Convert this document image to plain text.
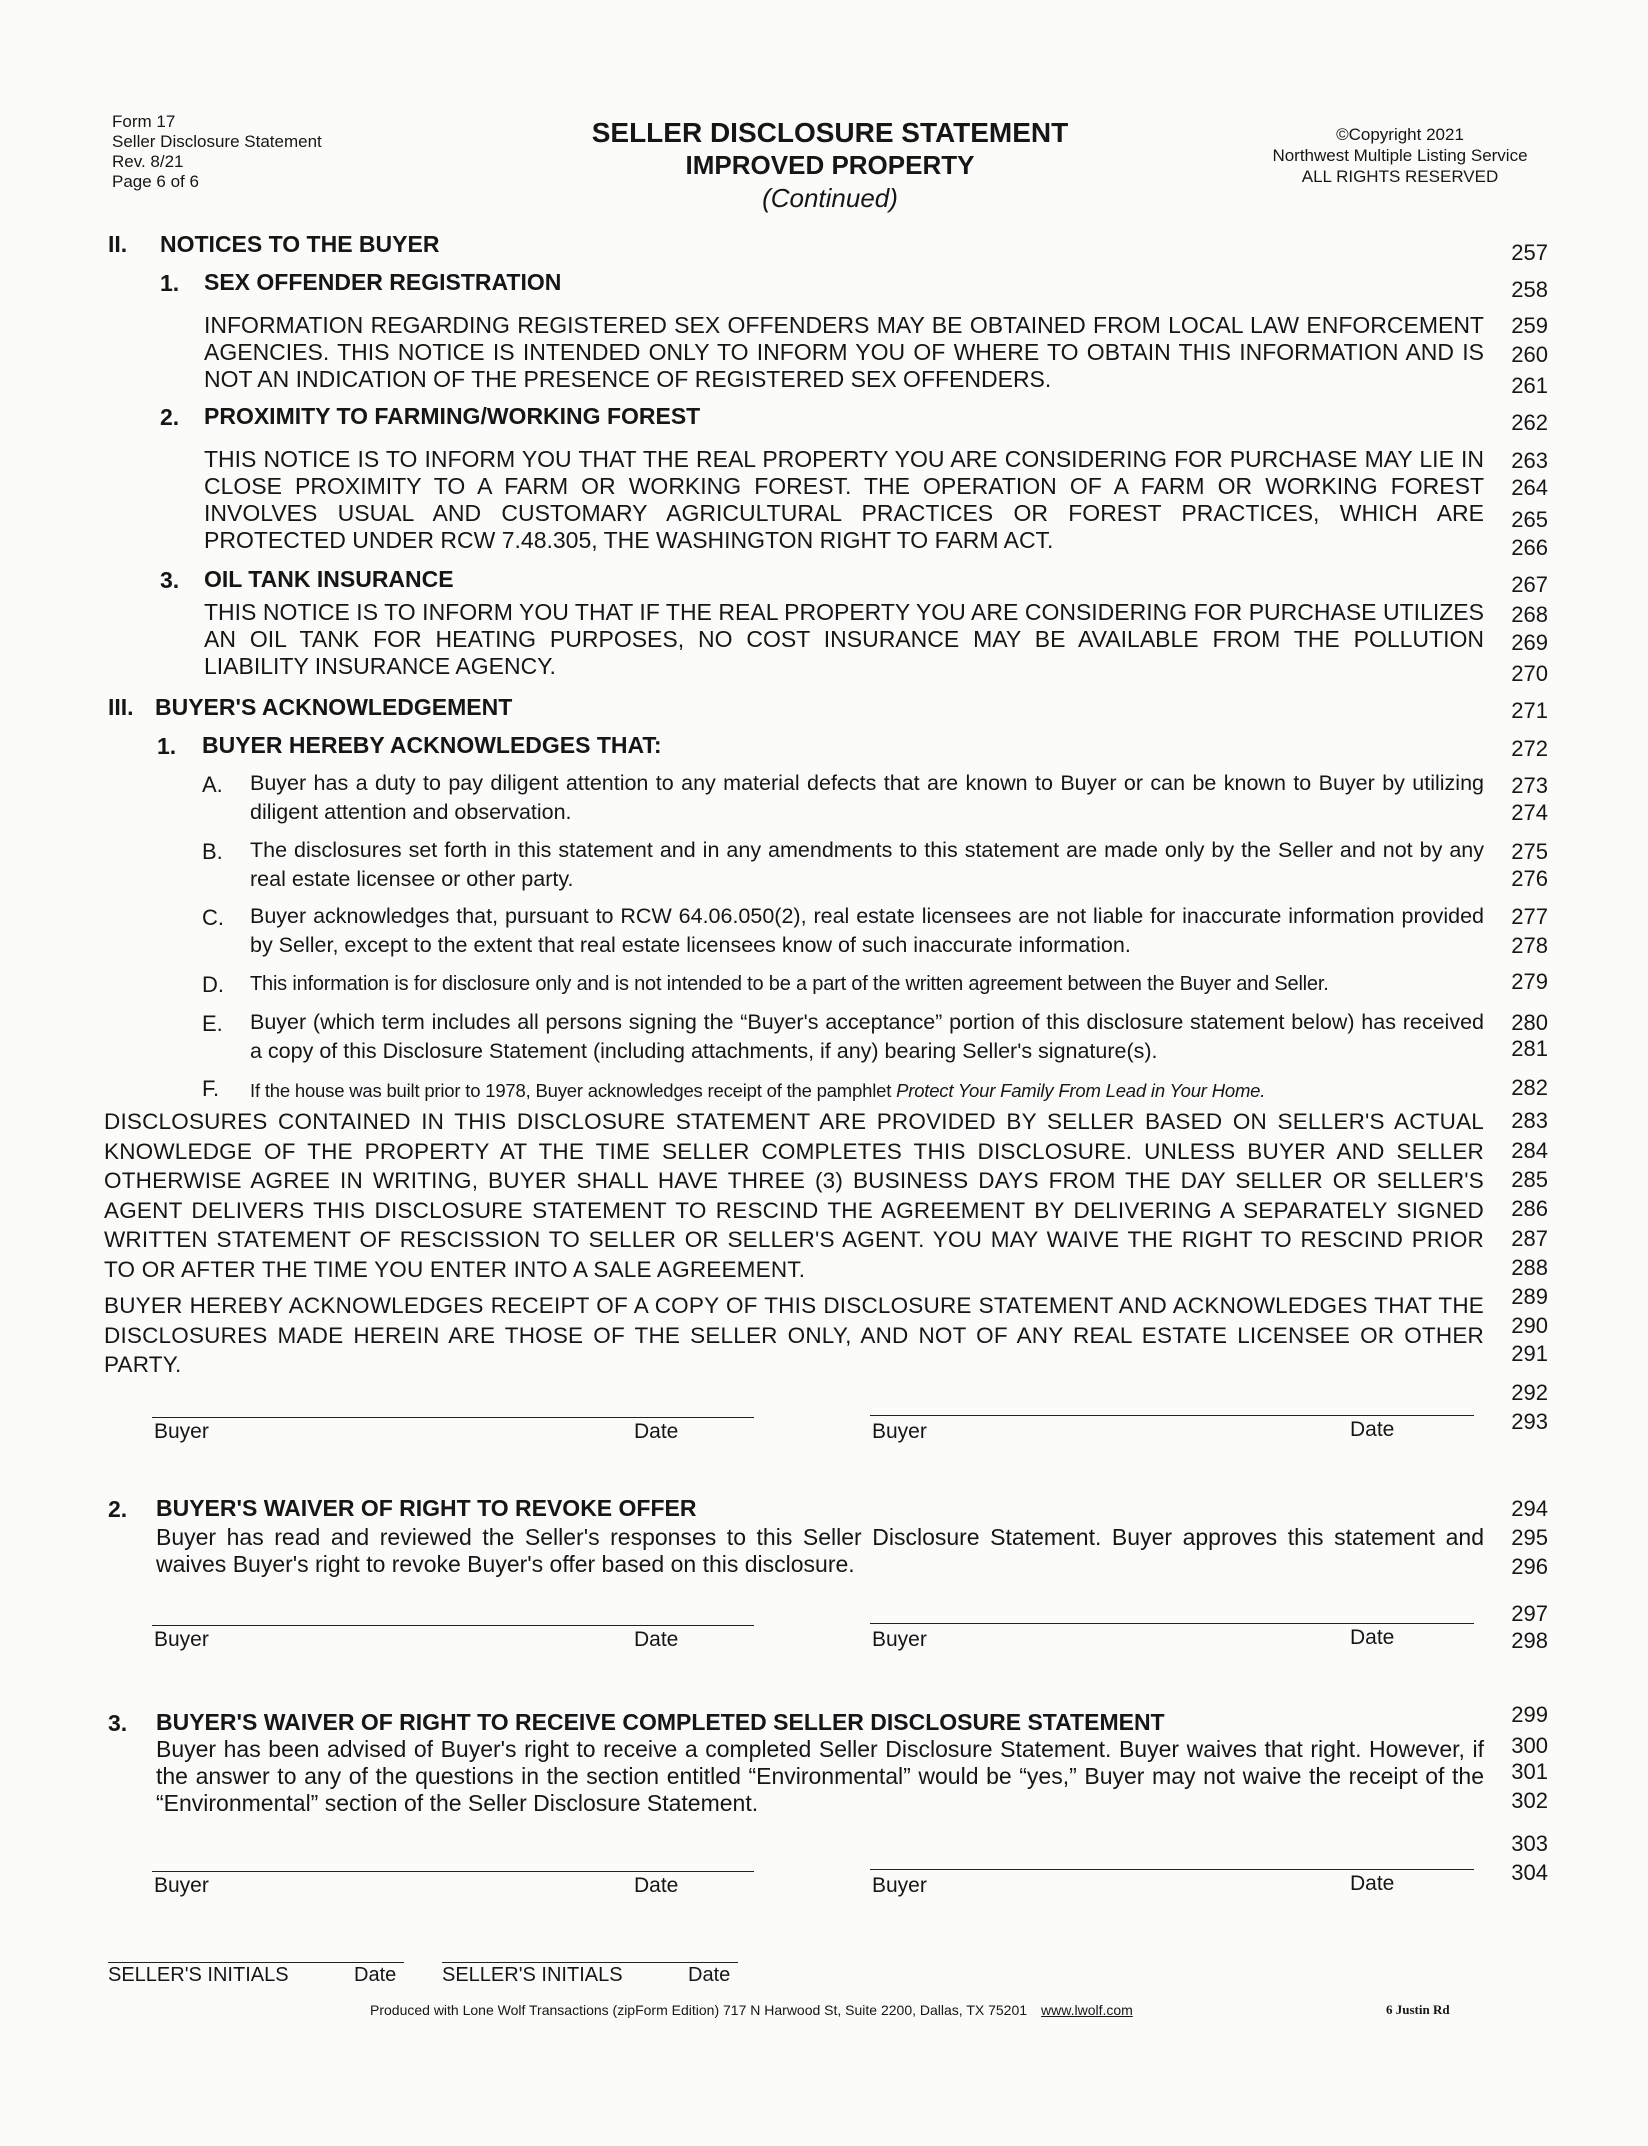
Form 17
Seller Disclosure Statement
Rev. 8/21
Page 6 of 6
SELLER DISCLOSURE STATEMENT
IMPROVED PROPERTY
(Continued)
©Copyright 2021
Northwest Multiple Listing Service
ALL RIGHTS RESERVED
II. NOTICES TO THE BUYER
1. SEX OFFENDER REGISTRATION
INFORMATION REGARDING REGISTERED SEX OFFENDERS MAY BE OBTAINED FROM LOCAL LAW ENFORCEMENT AGENCIES. THIS NOTICE IS INTENDED ONLY TO INFORM YOU OF WHERE TO OBTAIN THIS INFORMATION AND IS NOT AN INDICATION OF THE PRESENCE OF REGISTERED SEX OFFENDERS.
2. PROXIMITY TO FARMING/WORKING FOREST
THIS NOTICE IS TO INFORM YOU THAT THE REAL PROPERTY YOU ARE CONSIDERING FOR PURCHASE MAY LIE IN CLOSE PROXIMITY TO A FARM OR WORKING FOREST. THE OPERATION OF A FARM OR WORKING FOREST INVOLVES USUAL AND CUSTOMARY AGRICULTURAL PRACTICES OR FOREST PRACTICES, WHICH ARE PROTECTED UNDER RCW 7.48.305, THE WASHINGTON RIGHT TO FARM ACT.
3. OIL TANK INSURANCE
THIS NOTICE IS TO INFORM YOU THAT IF THE REAL PROPERTY YOU ARE CONSIDERING FOR PURCHASE UTILIZES AN OIL TANK FOR HEATING PURPOSES, NO COST INSURANCE MAY BE AVAILABLE FROM THE POLLUTION LIABILITY INSURANCE AGENCY.
III. BUYER'S ACKNOWLEDGEMENT
1. BUYER HEREBY ACKNOWLEDGES THAT:
A. Buyer has a duty to pay diligent attention to any material defects that are known to Buyer or can be known to Buyer by utilizing diligent attention and observation.
B. The disclosures set forth in this statement and in any amendments to this statement are made only by the Seller and not by any real estate licensee or other party.
C. Buyer acknowledges that, pursuant to RCW 64.06.050(2), real estate licensees are not liable for inaccurate information provided by Seller, except to the extent that real estate licensees know of such inaccurate information.
D. This information is for disclosure only and is not intended to be a part of the written agreement between the Buyer and Seller.
E. Buyer (which term includes all persons signing the “Buyer's acceptance” portion of this disclosure statement below) has received a copy of this Disclosure Statement (including attachments, if any) bearing Seller's signature(s).
F. If the house was built prior to 1978, Buyer acknowledges receipt of the pamphlet Protect Your Family From Lead in Your Home.
DISCLOSURES CONTAINED IN THIS DISCLOSURE STATEMENT ARE PROVIDED BY SELLER BASED ON SELLER'S ACTUAL KNOWLEDGE OF THE PROPERTY AT THE TIME SELLER COMPLETES THIS DISCLOSURE. UNLESS BUYER AND SELLER OTHERWISE AGREE IN WRITING, BUYER SHALL HAVE THREE (3) BUSINESS DAYS FROM THE DAY SELLER OR SELLER'S AGENT DELIVERS THIS DISCLOSURE STATEMENT TO RESCIND THE AGREEMENT BY DELIVERING A SEPARATELY SIGNED WRITTEN STATEMENT OF RESCISSION TO SELLER OR SELLER'S AGENT. YOU MAY WAIVE THE RIGHT TO RESCIND PRIOR TO OR AFTER THE TIME YOU ENTER INTO A SALE AGREEMENT.
BUYER HEREBY ACKNOWLEDGES RECEIPT OF A COPY OF THIS DISCLOSURE STATEMENT AND ACKNOWLEDGES THAT THE DISCLOSURES MADE HEREIN ARE THOSE OF THE SELLER ONLY, AND NOT OF ANY REAL ESTATE LICENSEE OR OTHER PARTY.
Buyer	Date	Buyer	Date
2. BUYER'S WAIVER OF RIGHT TO REVOKE OFFER
Buyer has read and reviewed the Seller's responses to this Seller Disclosure Statement. Buyer approves this statement and waives Buyer's right to revoke Buyer's offer based on this disclosure.
Buyer	Date	Buyer	Date
3. BUYER'S WAIVER OF RIGHT TO RECEIVE COMPLETED SELLER DISCLOSURE STATEMENT
Buyer has been advised of Buyer's right to receive a completed Seller Disclosure Statement. Buyer waives that right. However, if the answer to any of the questions in the section entitled “Environmental” would be “yes,” Buyer may not waive the receipt of the “Environmental” section of the Seller Disclosure Statement.
Buyer	Date	Buyer	Date
SELLER'S INITIALS	Date SELLER'S INITIALS	Date
Produced with Lone Wolf Transactions (zipForm Edition) 717 N Harwood St, Suite 2200, Dallas, TX 75201 www.lwolf.com	6 Justin Rd
257
258
259
260
261
262
263
264
265
266
267
268
269
270
271
272
273
274
275
276
277
278
279
280
281
282
283
284
285
286
287
288
289
290
291
292
293
294
295
296
297
298
299
300
301
302
303
304
